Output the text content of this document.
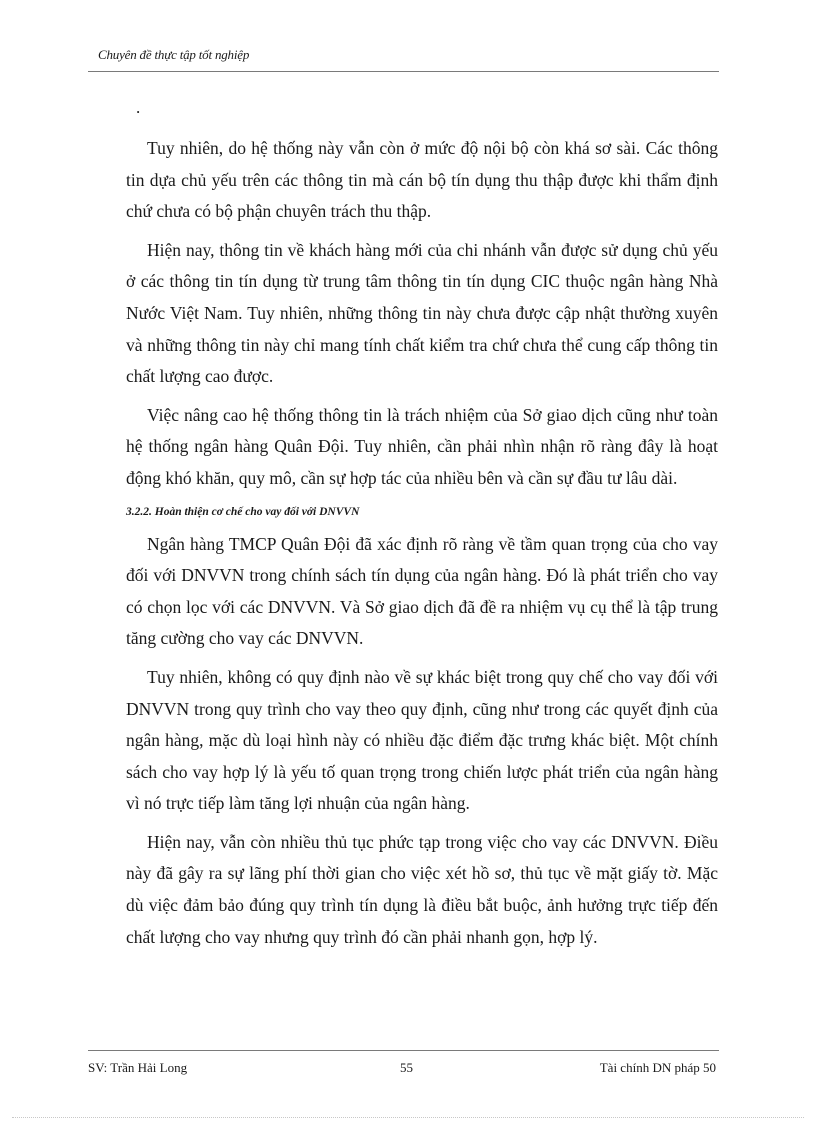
Chuyên đề thực tập tốt nghiệp
.

Tuy nhiên, do hệ thống này vẫn còn ở mức độ nội bộ còn khá sơ sài. Các thông tin dựa chủ yếu trên các thông tin mà cán bộ tín dụng thu thập được khi thẩm định chứ chưa có bộ phận chuyên trách thu thập.

Hiện nay, thông tin về khách hàng mới của chi nhánh vẫn được sử dụng chủ yếu ở các thông tin tín dụng từ trung tâm thông tin tín dụng CIC thuộc ngân hàng Nhà Nước Việt Nam. Tuy nhiên, những thông tin này chưa được cập nhật thường xuyên và những thông tin này chỉ mang tính chất kiểm tra chứ chưa thể cung cấp thông tin chất lượng cao được.

Việc nâng cao hệ thống thông tin là trách nhiệm của Sở giao dịch cũng như toàn hệ thống ngân hàng Quân Đội. Tuy nhiên, cần phải nhìn nhận rõ ràng đây là hoạt động khó khăn, quy mô, cần sự hợp tác của nhiều bên và cần sự đầu tư lâu dài.

3.2.2. Hoàn thiện cơ chế cho vay đối với DNVVN

Ngân hàng TMCP Quân Đội đã xác định rõ ràng về tầm quan trọng của cho vay đối với DNVVN trong chính sách tín dụng của ngân hàng. Đó là phát triển cho vay có chọn lọc với các DNVVN. Và Sở giao dịch đã đề ra nhiệm vụ cụ thể là tập trung tăng cường cho vay các DNVVN.

Tuy nhiên, không có quy định nào về sự khác biệt trong quy chế cho vay đối với DNVVN trong quy trình cho vay theo quy định, cũng như trong các quyết định của ngân hàng, mặc dù loại hình này có nhiều đặc điểm đặc trưng khác biệt. Một chính sách cho vay hợp lý là yếu tố quan trọng trong chiến lược phát triển của ngân hàng vì nó trực tiếp làm tăng lợi nhuận của ngân hàng.

Hiện nay, vẫn còn nhiều thủ tục phức tạp trong việc cho vay các DNVVN. Điều này đã gây ra sự lãng phí thời gian cho việc xét hồ sơ, thủ tục về mặt giấy tờ. Mặc dù việc đảm bảo đúng quy trình tín dụng là điều bắt buộc, ảnh hưởng trực tiếp đến chất lượng cho vay nhưng quy trình đó cần phải nhanh gọn, hợp lý.

SV: Trần Hải Long	55	Tài chính DN pháp 50
